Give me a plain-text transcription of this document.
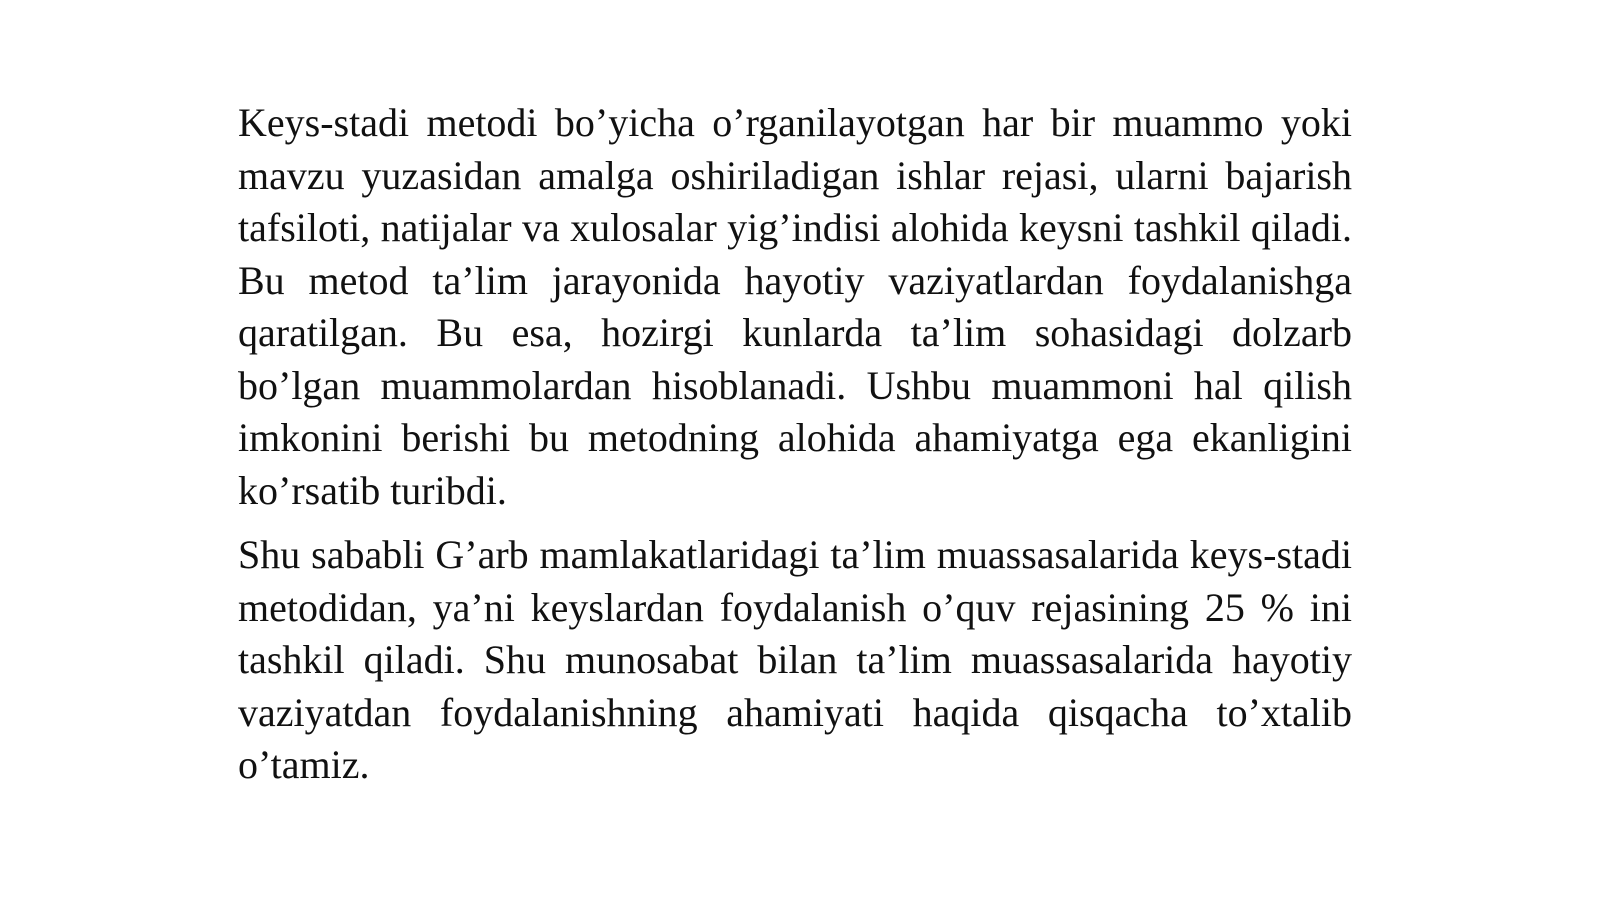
Keys-stadi metodi bo’yicha o’rganilayotgan har bir muammo yoki mavzu yuzasidan amalga oshiriladigan ishlar rejasi, ularni bajarish tafsiloti, natijalar va xulosalar yig’indisi alohida keysni tashkil qiladi. Bu metod ta’lim jarayonida hayotiy vaziyatlardan foydalanishga qaratilgan. Bu esa, hozirgi kunlarda ta’lim sohasidagi dolzarb bo’lgan muammolardan hisoblanadi. Ushbu muammoni hal qilish imkonini berishi bu metodning alohida ahamiyatga ega ekanligini ko’rsatib turibdi.

Shu sababli G’arb mamlakatlaridagi ta’lim muassasalarida keys-stadi metodidan, ya’ni keyslardan foydalanish o’quv rejasining 25 % ini tashkil qiladi. Shu munosabat bilan ta’lim muassasalarida hayotiy vaziyatdan foydalanishning ahamiyati haqida qisqacha to’xtalib o’tamiz.
